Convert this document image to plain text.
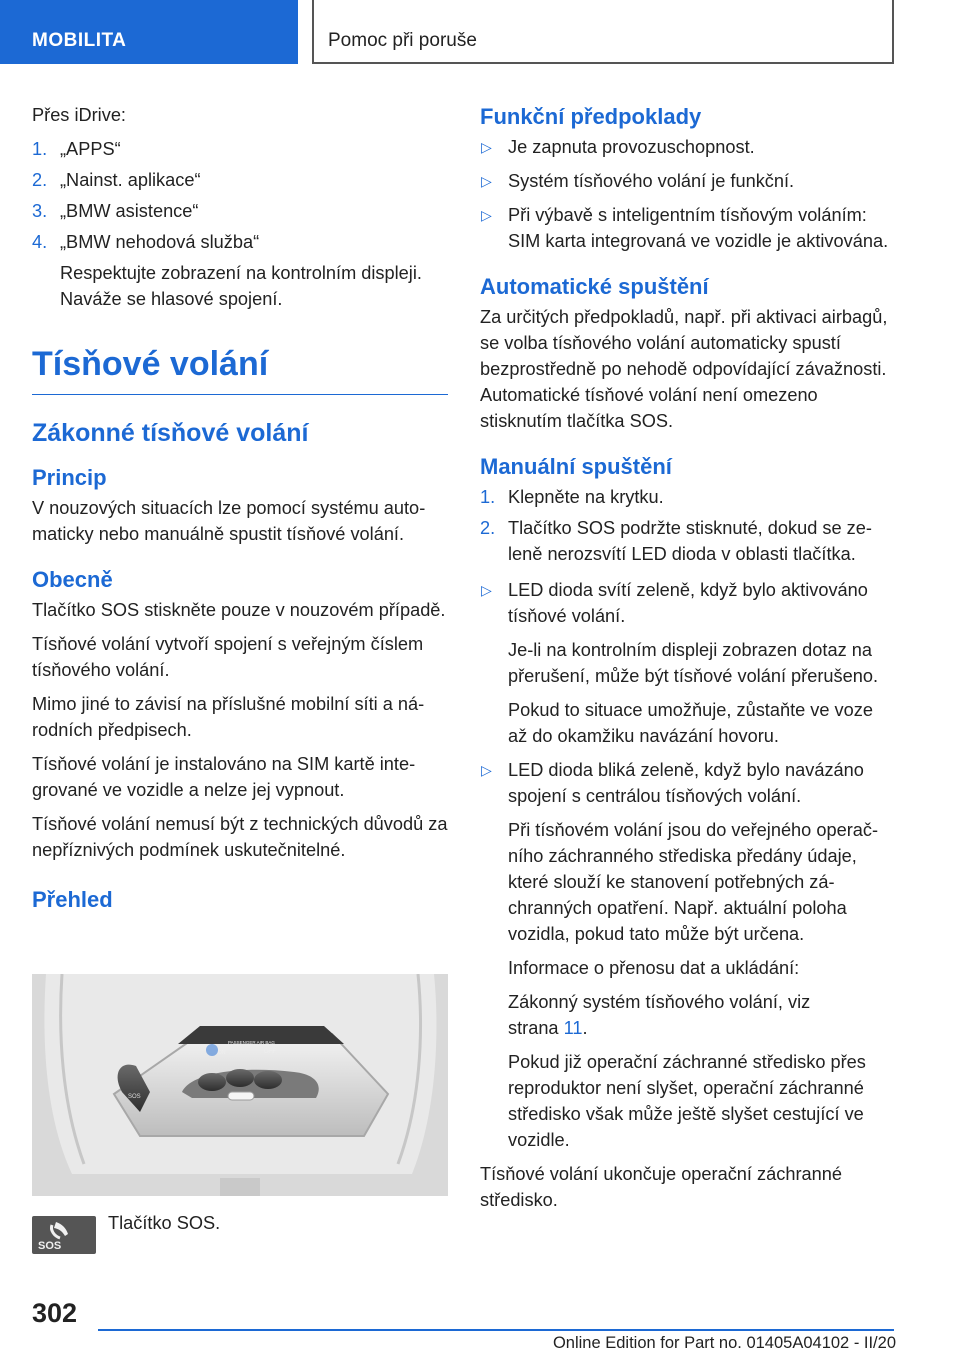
MOBILITA	Pomoc při poruše

Přes iDrive:

1. „APPS“
2. „Nainst. aplikace“
3. „BMW asistence“
4. „BMW nehodová služba“
Respektujte zobrazení na kontrolním displeji.
Naváže se hlasové spojení.
Tísňové volání
Zákonné tísňové volání
Princip

V nouzových situacích lze pomocí systému automaticky nebo manuálně spustit tísňové volání.

Obecně

Tlačítko SOS stiskněte pouze v nouzovém případě.

Tísňové volání vytvoří spojení s veřejným číslem tísňového volání.

Mimo jiné to závisí na příslušné mobilní síti a národních předpisech.

Tísňové volání je instalováno na SIM kartě integrované ve vozidle a nelze jej vypnout.

Tísňové volání nemusí být z technických důvodů za nepříznivých podmínek uskutečnitelné.

Přehled
OFF
PASSENGER AIR BAG
ON
SOS
SOS
Tlačítko SOS.
Funkční předpoklady
▷ Je zapnuta provozuschopnost.
▷ Systém tísňového volání je funkční.
▷ Při výbavě s inteligentním tísňovým voláním: SIM karta integrovaná ve vozidle je aktivována.
Automatické spuštění

Za určitých předpokladů, např. při aktivaci airbagů, se volba tísňového volání automaticky spustí bezprostředně po nehodě odpovídající závažnosti. Automatické tísňové volání není omezeno stisknutím tlačítka SOS.

Manuální spuštění
1. Klepněte na krytku.
2. Tlačítko SOS podržte stisknuté, dokud se zeleně nerozsvítí LED dioda v oblasti tlačítka.
▷ LED dioda svítí zeleně, když bylo aktivováno tísňové volání.
Je-li na kontrolním displeji zobrazen dotaz na přerušení, může být tísňové volání přerušeno.
Pokud to situace umožňuje, zůstaňte ve voze až do okamžiku navázání hovoru.
▷ LED dioda bliká zeleně, když bylo navázáno spojení s centrálou tísňových volání.
Při tísňovém volání jsou do veřejného operačního záchranného střediska předány údaje, které slouží ke stanovení potřebných záchranných opatření. Např. aktuální poloha vozidla, pokud tato může být určena.
Informace o přenosu dat a ukládání:
Zákonný systém tísňového volání, viz
strana 11.
Pokud již operační záchranné středisko přes reproduktor není slyšet, operační záchranné středisko však může ještě slyšet cestující ve vozidle.

Tísňové volání ukončuje operační záchranné středisko.

302
Online Edition for Part no. 01405A04102 - II/20
